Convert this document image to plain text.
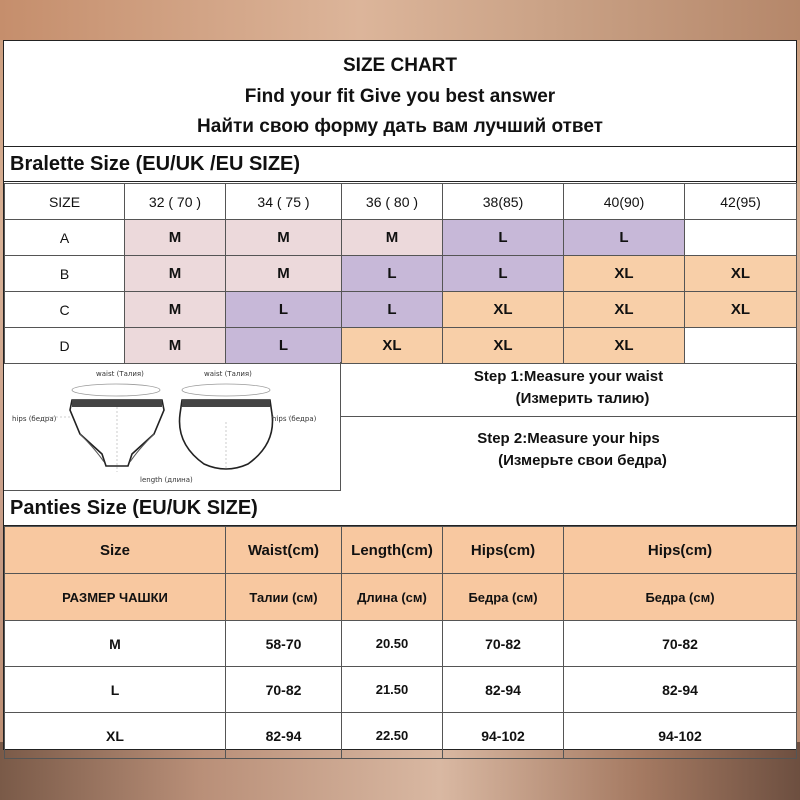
SIZE CHART
Find your fit Give you best answer
Найти свою форму дать вам лучший ответ
Bralette Size (EU/UK /EU SIZE)
SIZE	32 ( 70 )	34 ( 75 )	36 ( 80 )	38(85)	40(90)	42(95)
A	M	M	M	L	L	
B	M	M	L	L	XL	XL
C	M	L	L	XL	XL	XL
D	M	L	XL	XL	XL	
waist (Талия)	waist (Талия)
hips (бедра)	hips (бедра)
length (длина)
Step 1:Measure your waist
(Измерить талию)
Step 2:Measure your hips
(Измерьте свои бедра)
Panties Size (EU/UK SIZE)
Size	Waist(cm)	Length(cm)	Hips(cm)	Hips(cm)
РАЗМЕР ЧАШКИ	Талии (см)	Длина (см)	Бедра (см)	Бедра (см)
M	58-70	20.50	70-82	70-82
L	70-82	21.50	82-94	82-94
XL	82-94	22.50	94-102	94-102
